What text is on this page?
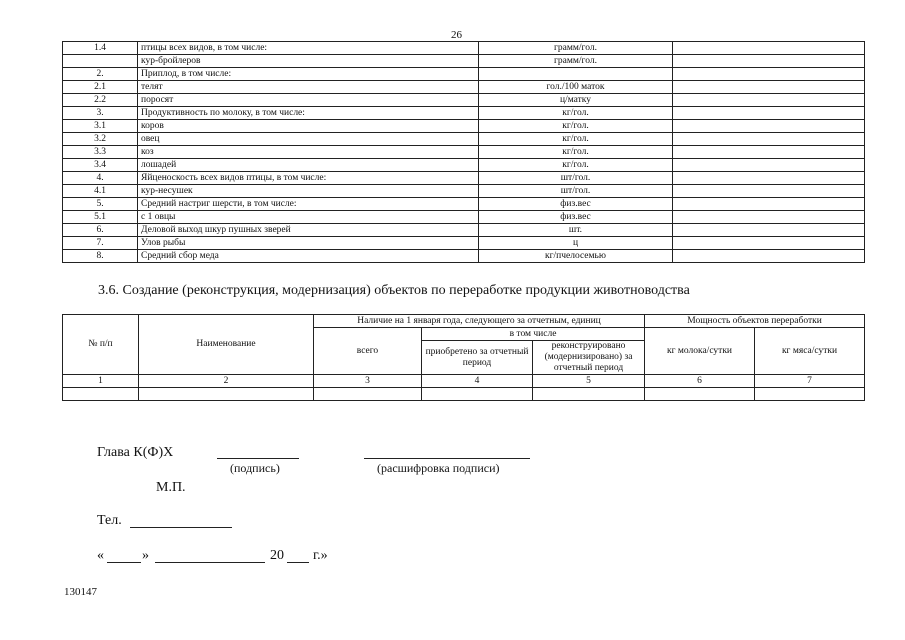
26
1.4	птицы всех видов, в том числе:	грамм/гол.	
	кур-бройлеров	грамм/гол.	
2.	Приплод, в том числе:		
2.1	телят	гол./100 маток	
2.2	поросят	ц/матку	
3.	Продуктивность по молоку, в том числе:	кг/гол.	
3.1	коров	кг/гол.	
3.2	овец	кг/гол.	
3.3	коз	кг/гол.	
3.4	лошадей	кг/гол.	
4.	Яйценоскость всех видов птицы, в том числе:	шт/гол.	
4.1	кур-несушек	шт/гол.	
5.	Средний настриг шерсти, в том числе:	физ.вес	
5.1	с 1 овцы	физ.вес	
6.	Деловой выход шкур пушных зверей	шт.	
7.	Улов рыбы	ц	
8.	Средний сбор меда	кг/пчелосемью	
3.6. Создание (реконструкция, модернизация) объектов по переработке продукции животноводства
№ п/п	Наименование	Наличие на 1 января года, следующего за отчетным, единиц			Мощность объектов переработки	
		всего	в том числе		кг молока/сутки	кг мяса/сутки
			приобретено за отчетный период	реконструировано (модернизировано) за отчетный период		
1	2	3	4	5	6	7

Глава К(Ф)Х
(подпись)	(расшифровка подписи)
М.П.
Тел.
«	»	20 г.»
130147
